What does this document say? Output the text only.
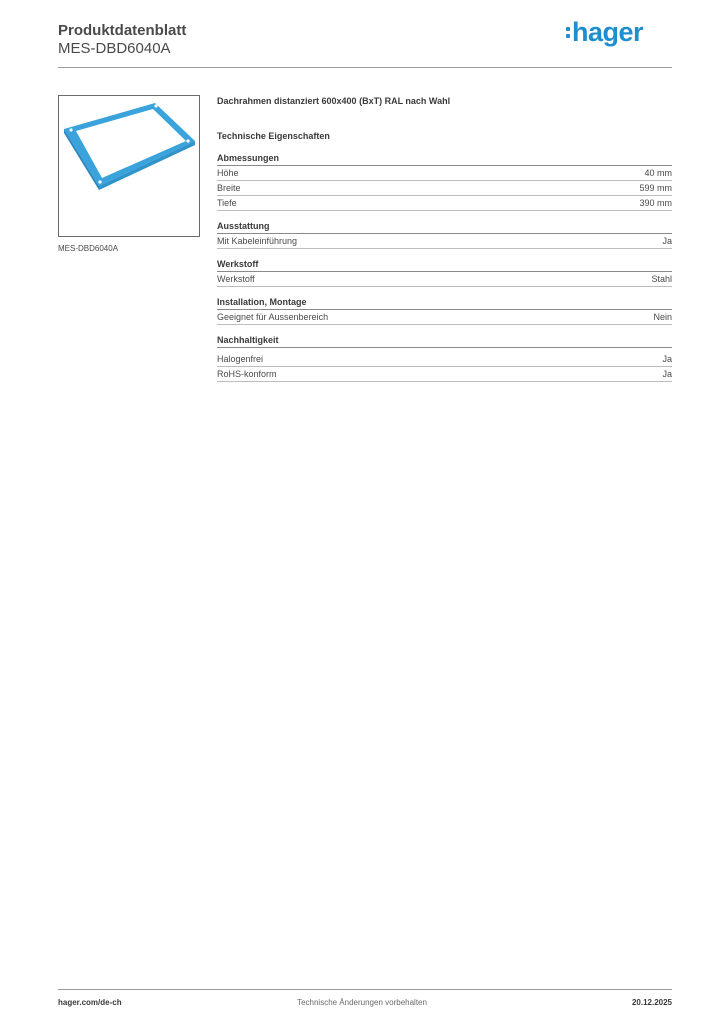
Produktdatenblatt
MES-DBD6040A
hager
MES-DBD6040A
Dachrahmen distanziert 600x400 (BxT) RAL nach Wahl
Technische Eigenschaften
Abmessungen
Höhe	40 mm
Breite	599 mm
Tiefe	390 mm
Ausstattung
Mit Kabeleinführung	Ja
Werkstoff
Werkstoff	Stahl
Installation, Montage
Geeignet für Aussenbereich	Nein
Nachhaltigkeit
Halogenfrei	Ja
RoHS-konform	Ja
hager.com/de-ch	Technische Änderungen vorbehalten	20.12.2025
